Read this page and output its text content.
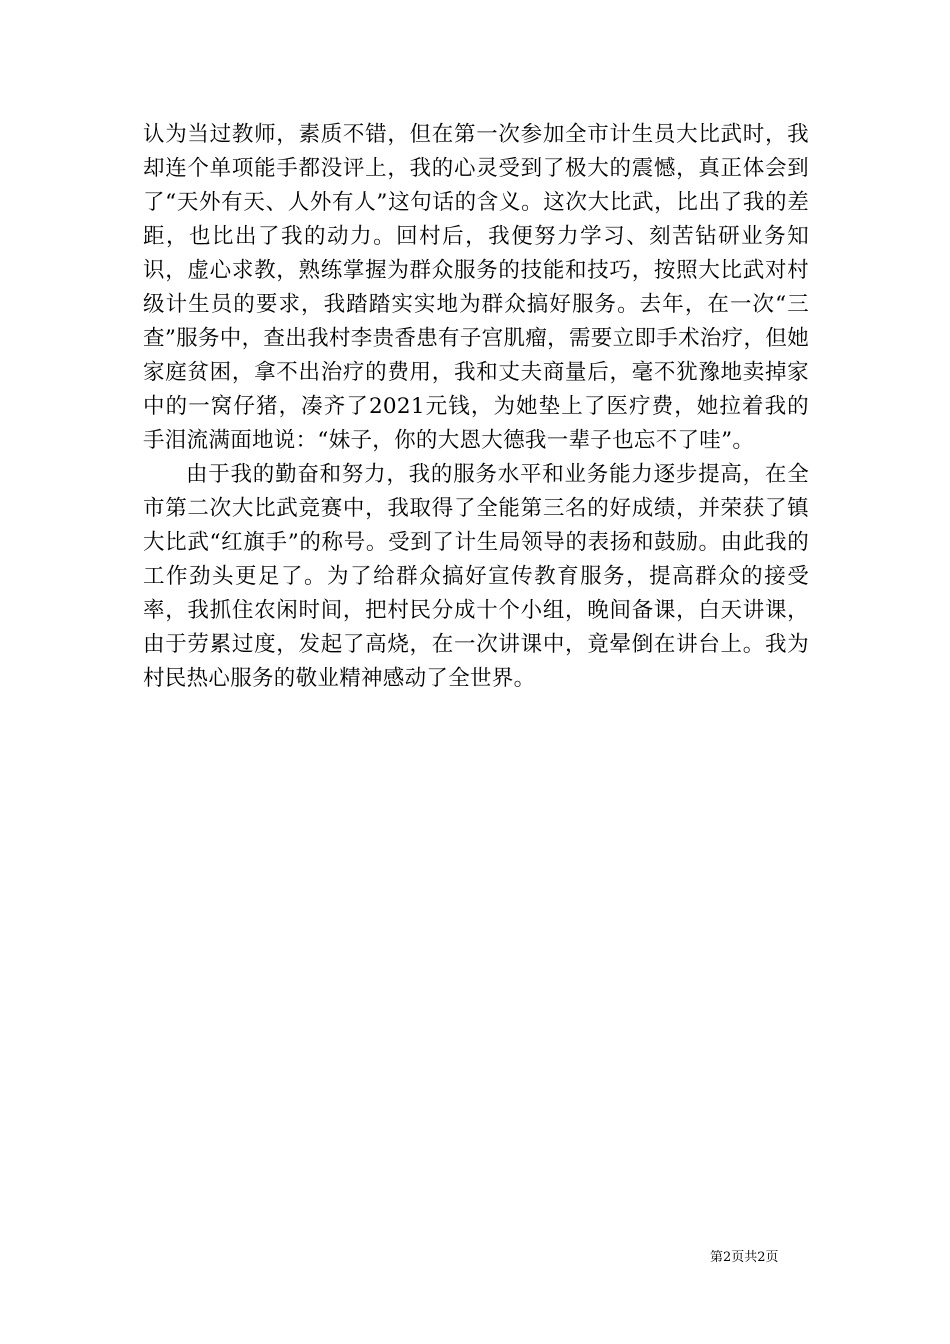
认为当过教师，素质不错，但在第一次参加全市计生员大比武时，我却连个单项能手都没评上，我的心灵受到了极大的震憾，真正体会到了“天外有天、人外有人”这句话的含义。这次大比武，比出了我的差距，也比出了我的动力。回村后，我便努力学习、刻苦钻研业务知识，虚心求教，熟练掌握为群众服务的技能和技巧，按照大比武对村级计生员的要求，我踏踏实实地为群众搞好服务。去年，在一次“三查”服务中，查出我村李贵香患有子宫肌瘤，需要立即手术治疗，但她家庭贫困，拿不出治疗的费用，我和丈夫商量后，毫不犹豫地卖掉家中的一窝仔猪，凑齐了2021元钱，为她垫上了医疗费，她拉着我的手泪流满面地说：“妹子，你的大恩大德我一辈子也忘不了哇”。

由于我的勤奋和努力，我的服务水平和业务能力逐步提高，在全市第二次大比武竞赛中，我取得了全能第三名的好成绩，并荣获了镇大比武“红旗手”的称号。受到了计生局领导的表扬和鼓励。由此我的工作劲头更足了。为了给群众搞好宣传教育服务，提高群众的接受率，我抓住农闲时间，把村民分成十个小组，晚间备课，白天讲课，由于劳累过度，发起了高烧，在一次讲课中，竟晕倒在讲台上。我为村民热心服务的敬业精神感动了全世界。

第2页共2页
